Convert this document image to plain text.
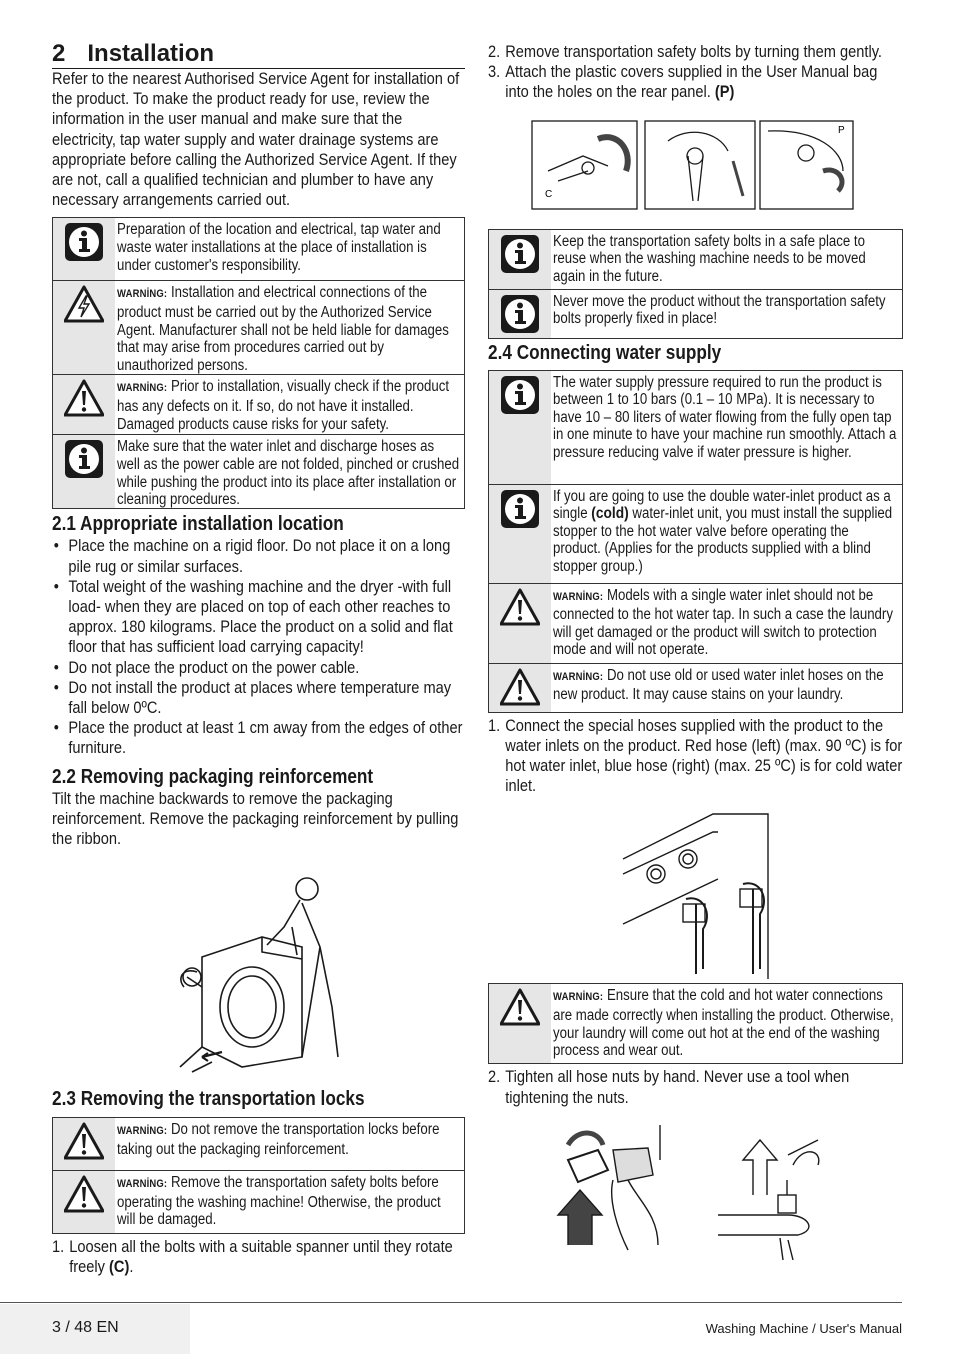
2 Installation

Refer to the nearest Authorised Service Agent for installation of the product. To make the product ready for use, review the information in the user manual and make sure that the electricity, tap water supply and water drainage systems are appropriate before calling the Authorized Service Agent. If they are not, call a qualified technician and plumber to have any necessary arrangements carried out.

Preparation of the location and electrical, tap water and waste water installations at the place of installation is under customer's responsibility.
WARNİNG: Installation and electrical connections of the product must be carried out by the Authorized Service Agent. Manufacturer shall not be held liable for damages that may arise from procedures carried out by unauthorized persons.
WARNİNG: Prior to installation, visually check if the product has any defects on it. If so, do not have it installed. Damaged products cause risks for your safety.
Make sure that the water inlet and discharge hoses as well as the power cable are not folded, pinched or crushed while pushing the product into its place after installation or cleaning procedures.
2.1 Appropriate installation location
• Place the machine on a rigid floor. Do not place it on a long pile rug or similar surfaces.
• Total weight of the washing machine and the dryer -with full load- when they are placed on top of each other reaches to approx. 180 kilograms. Place the product on a solid and flat floor that has sufficient load carrying capacity!
• Do not place the product on the power cable.
• Do not install the product at places where temperature may fall below 0ºC.
• Place the product at least 1 cm away from the edges of other furniture.
2.2 Removing packaging reinforcement

Tilt the machine backwards to remove the packaging reinforcement. Remove the packaging reinforcement by pulling the ribbon.

2.3 Removing the transportation locks
WARNİNG: Do not remove the transportation locks before taking out the packaging reinforcement.
WARNİNG: Remove the transportation safety bolts before operating the washing machine! Otherwise, the product will be damaged.
1. Loosen all the bolts with a suitable spanner until they rotate freely (C).
2. Remove transportation safety bolts by turning them gently.
3. Attach the plastic covers supplied in the User Manual bag into the holes on the rear panel. (P)
C
P
Keep the transportation safety bolts in a safe place to reuse when the washing machine needs to be moved again in the future.
Never move the product without the transportation safety bolts properly fixed in place!
2.4 Connecting water supply
The water supply pressure required to run the product is between 1 to 10 bars (0.1 – 10 MPa). It is necessary to have 10 – 80 liters of water flowing from the fully open tap in one minute to have your machine run smoothly. Attach a pressure reducing valve if water pressure is higher.
If you are going to use the double water-inlet product as a single (cold) water-inlet unit, you must install the supplied stopper to the hot water valve before operating the product. (Applies for the products supplied with a blind stopper group.)
WARNİNG: Models with a single water inlet should not be connected to the hot water tap. In such a case the laundry will get damaged or the product will switch to protection mode and will not operate.
WARNİNG: Do not use old or used water inlet hoses on the new product. It may cause stains on your laundry.
1. Connect the special hoses supplied with the product to the water inlets on the product. Red hose (left) (max. 90 ºC) is for hot water inlet, blue hose (right) (max. 25 ºC) is for cold water inlet.
WARNİNG: Ensure that the cold and hot water connections are made correctly when installing the product. Otherwise, your laundry will come out hot at the end of the washing process and wear out.
2. Tighten all hose nuts by hand. Never use a tool when tightening the nuts.
3 / 48 EN	Washing Machine / User's Manual
